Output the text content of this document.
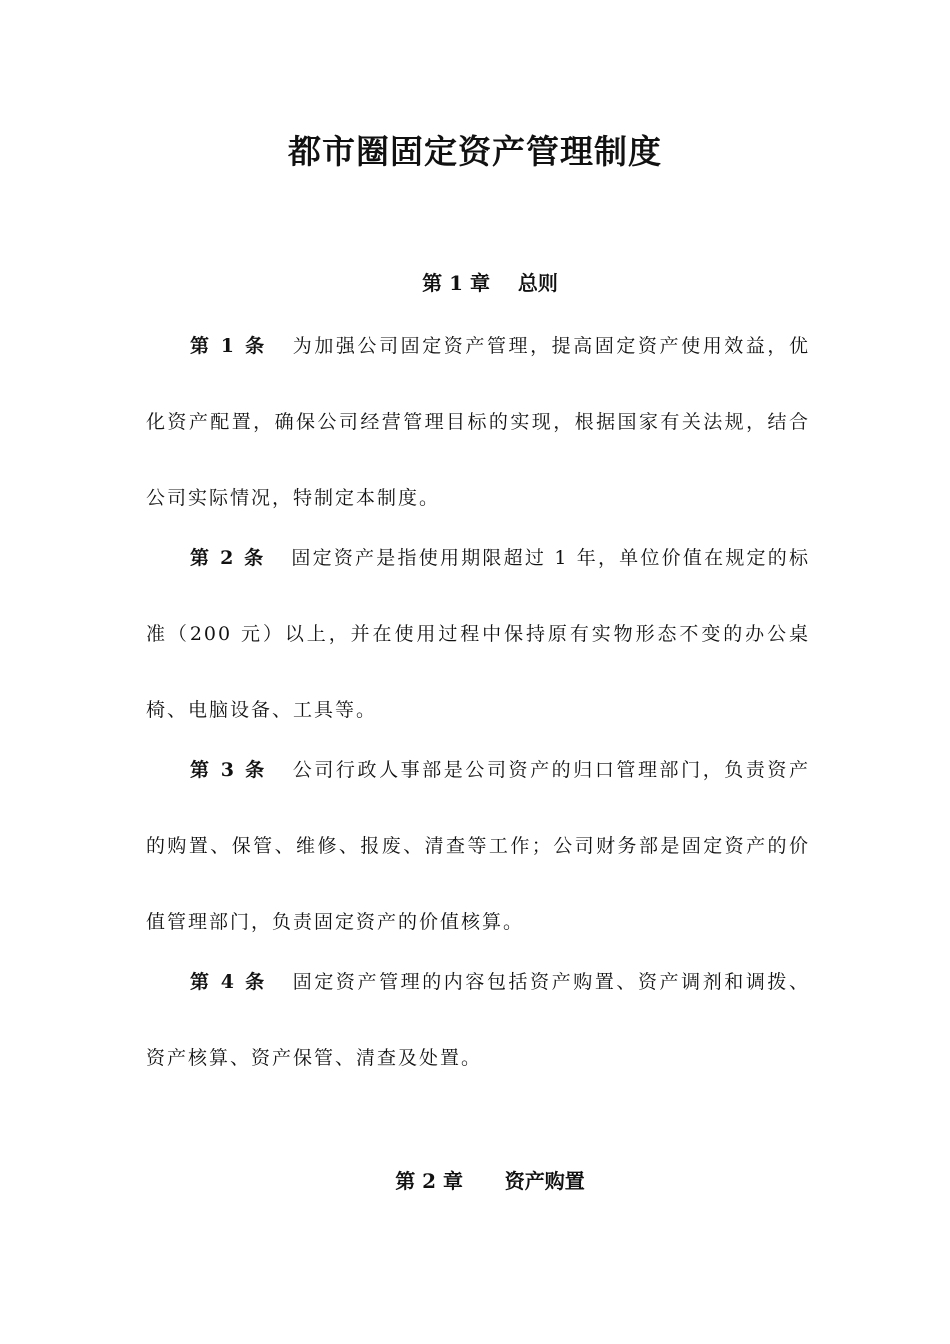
都市圈固定资产管理制度
第 1 章    总则

第 1 条 为加强公司固定资产管理，提高固定资产使用效益，优化资产配置，确保公司经营管理目标的实现，根据国家有关法规，结合公司实际情况，特制定本制度。

第 2 条 固定资产是指使用期限超过 1 年，单位价值在规定的标准（200 元）以上，并在使用过程中保持原有实物形态不变的办公桌椅、电脑设备、工具等。

第 3 条 公司行政人事部是公司资产的归口管理部门，负责资产的购置、保管、维修、报废、清查等工作；公司财务部是固定资产的价值管理部门，负责固定资产的价值核算。

第 4 条 固定资产管理的内容包括资产购置、资产调剂和调拨、资产核算、资产保管、清查及处置。

第 2 章      资产购置
